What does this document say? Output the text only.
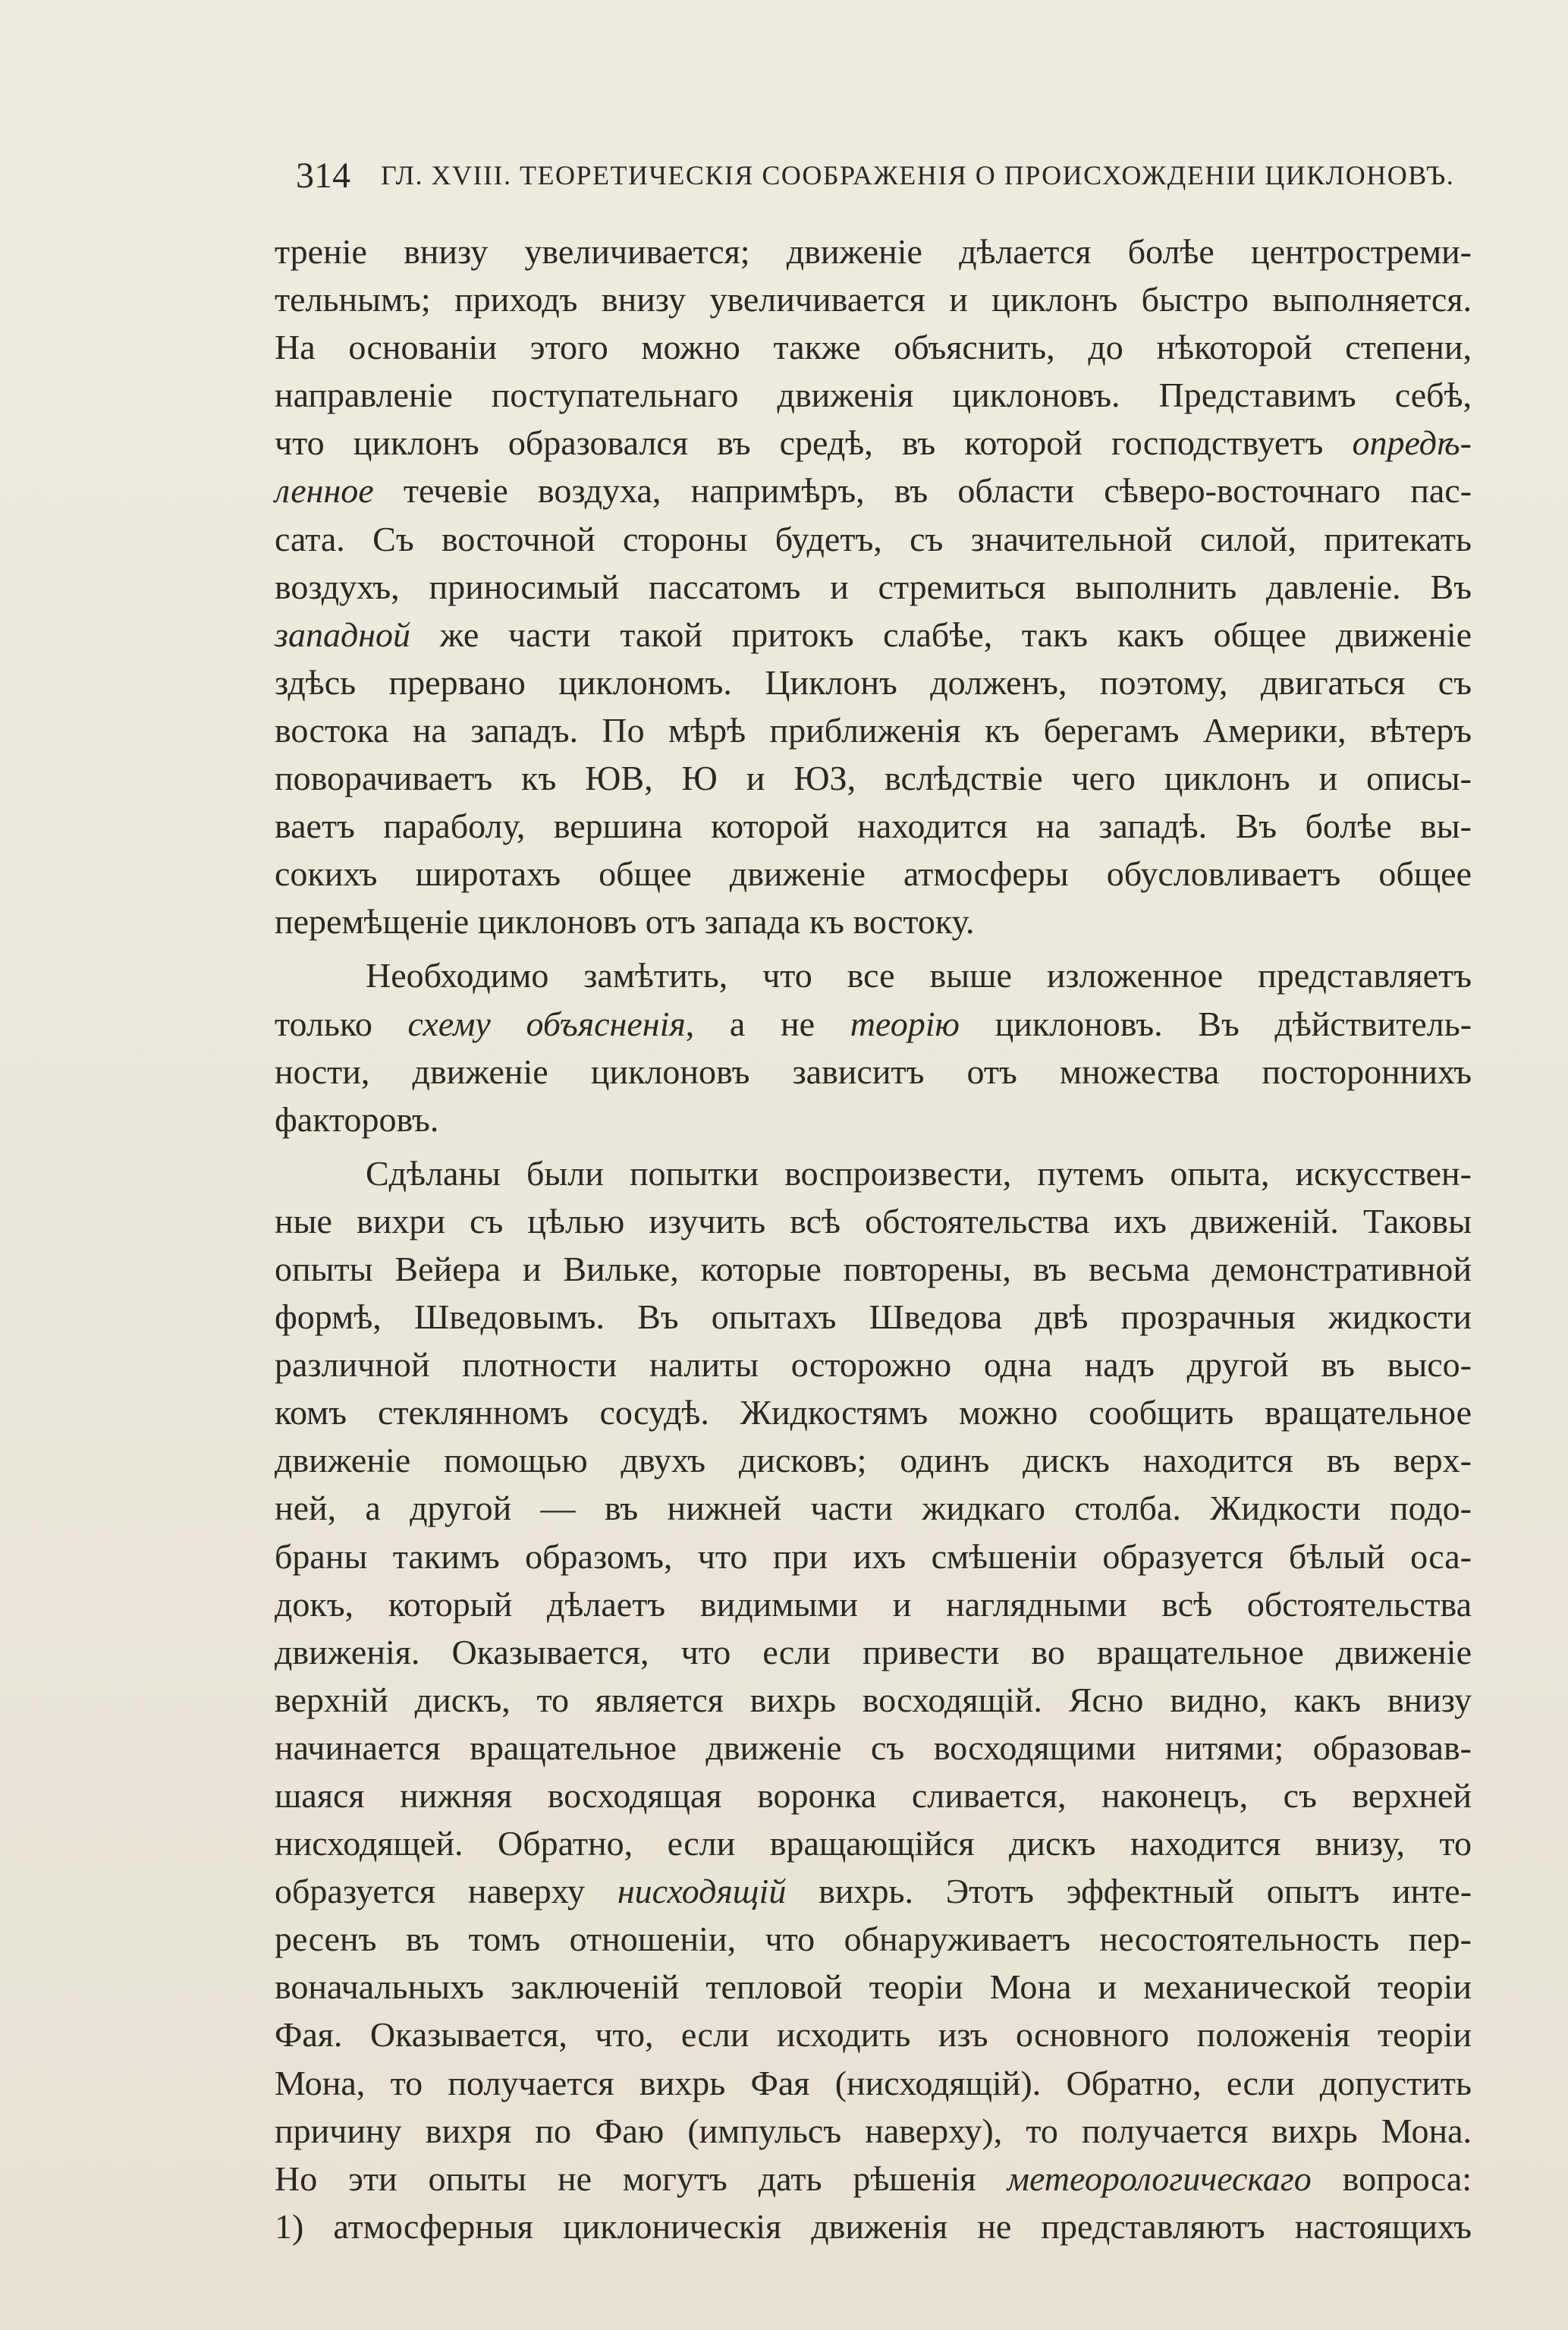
314 ГЛ. XVIII. ТЕОРЕТИЧЕСКІЯ СООБРАЖЕНІЯ О ПРОИСХОЖДЕНІИ ЦИКЛОНОВЪ.
треніе внизу увеличивается; движеніе дѣлается болѣе центростреми-
тельнымъ; приходъ внизу увеличивается и циклонъ быстро выполняется.
На основаніи этого можно также объяснить, до нѣкоторой степени,
направленіе поступательнаго движенія циклоновъ. Представимъ себѣ,
что циклонъ образовался въ средѣ, въ которой господствуетъ опредѣ-
ленное течевіе воздуха, напримѣръ, въ области сѣверо-восточнаго пас-
сата. Съ восточной стороны будетъ, съ значительной силой, притекать
воздухъ, приносимый пассатомъ и стремиться выполнить давленіе. Въ
западной же части такой притокъ слабѣе, такъ какъ общее движеніе
здѣсь прервано циклономъ. Циклонъ долженъ, поэтому, двигаться съ
востока на западъ. По мѣрѣ приближенія къ берегамъ Америки, вѣтеръ
поворачиваетъ къ ЮВ, Ю и ЮЗ, вслѣдствіе чего циклонъ и описы-
ваетъ параболу, вершина которой находится на западѣ. Въ болѣе вы-
сокихъ широтахъ общее движеніе атмосферы обусловливаетъ общее
перемѣщеніе циклоновъ отъ запада къ востоку.
Необходимо замѣтить, что все выше изложенное представляетъ
только схему объясненія, а не теорію циклоновъ. Въ дѣйствитель-
ности, движеніе циклоновъ зависитъ отъ множества постороннихъ
факторовъ.
Сдѣланы были попытки воспроизвести, путемъ опыта, искусствен-
ные вихри съ цѣлью изучить всѣ обстоятельства ихъ движеній. Таковы
опыты Вейера и Вильке, которые повторены, въ весьма демонстративной
формѣ, Шведовымъ. Въ опытахъ Шведова двѣ прозрачныя жидкости
различной плотности налиты осторожно одна надъ другой въ высо-
комъ стеклянномъ сосудѣ. Жидкостямъ можно сообщить вращательное
движеніе помощью двухъ дисковъ; одинъ дискъ находится въ верх-
ней, а другой — въ нижней части жидкаго столба. Жидкости подо-
браны такимъ образомъ, что при ихъ смѣшеніи образуется бѣлый оса-
докъ, который дѣлаетъ видимыми и наглядными всѣ обстоятельства
движенія. Оказывается, что если привести во вращательное движеніе
верхній дискъ, то является вихрь восходящій. Ясно видно, какъ внизу
начинается вращательное движеніе съ восходящими нитями; образовав-
шаяся нижняя восходящая воронка сливается, наконецъ, съ верхней
нисходящей. Обратно, если вращающійся дискъ находится внизу, то
образуется наверху нисходящій вихрь. Этотъ эффектный опытъ инте-
ресенъ въ томъ отношеніи, что обнаруживаетъ несостоятельность пер-
воначальныхъ заключеній тепловой теоріи Мона и механической теоріи
Фая. Оказывается, что, если исходить изъ основного положенія теоріи
Мона, то получается вихрь Фая (нисходящій). Обратно, если допустить
причину вихря по Фаю (импульсъ наверху), то получается вихрь Мона.
Но эти опыты не могутъ дать рѣшенія метеорологическаго вопроса:
1) атмосферныя циклоническія движенія не представляютъ настоящихъ
